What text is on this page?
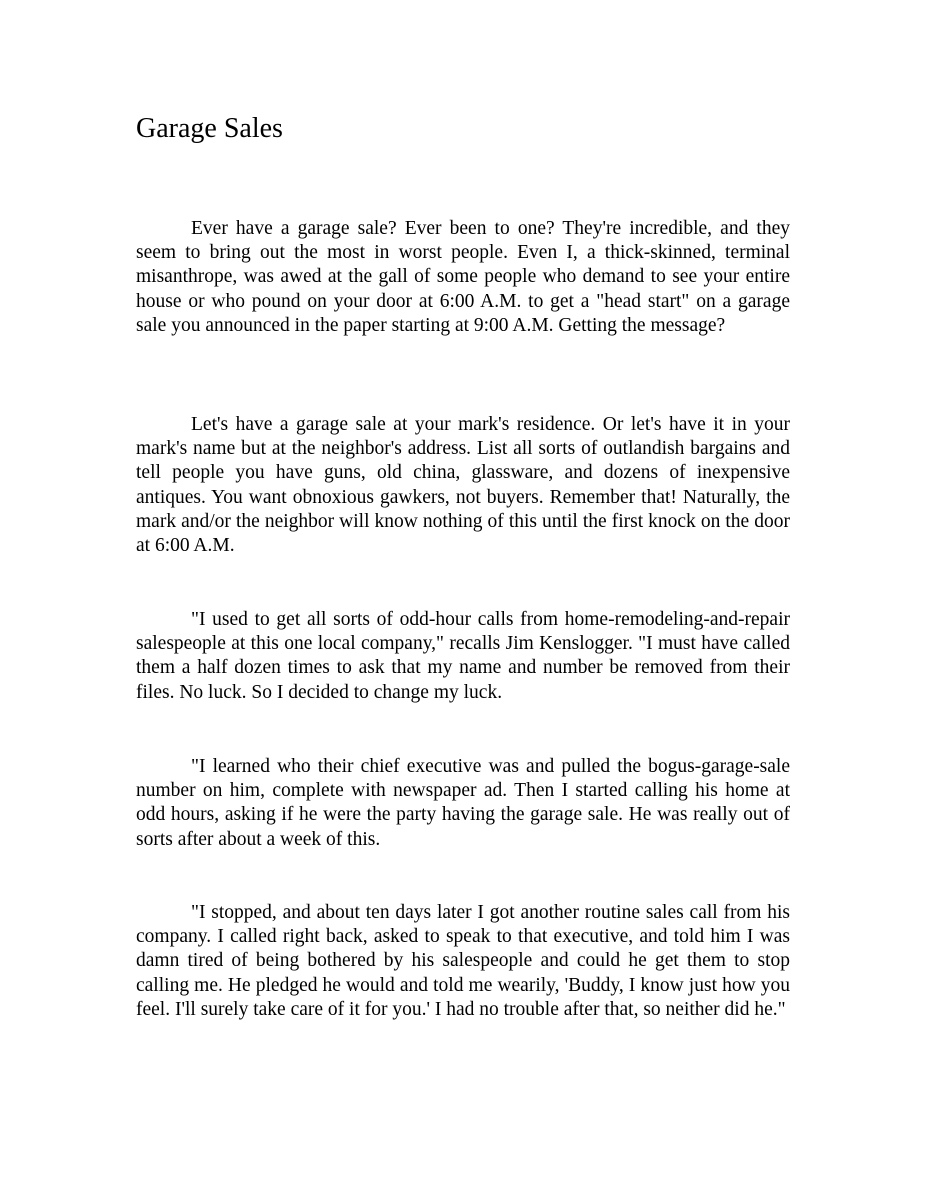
Garage Sales

Ever have a garage sale? Ever been to one? They're incredible, and they seem to bring out the most in worst people. Even I, a thick-skinned, terminal misanthrope, was awed at the gall of some people who demand to see your entire house or who pound on your door at 6:00 A.M. to get a "head start" on a garage sale you announced in the paper starting at 9:00 A.M. Getting the message?

Let's have a garage sale at your mark's residence. Or let's have it in your mark's name but at the neighbor's address. List all sorts of outlandish bargains and tell people you have guns, old china, glassware, and dozens of inexpensive antiques. You want obnoxious gawkers, not buyers. Remember that! Naturally, the mark and/or the neighbor will know nothing of this until the first knock on the door at 6:00 A.M.

"I used to get all sorts of odd-hour calls from home-remodeling-and-repair salespeople at this one local company," recalls Jim Kenslogger. "I must have called them a half dozen times to ask that my name and number be removed from their files. No luck. So I decided to change my luck.

"I learned who their chief executive was and pulled the bogus-garage-sale number on him, complete with newspaper ad. Then I started calling his home at odd hours, asking if he were the party having the garage sale. He was really out of sorts after about a week of this.

"I stopped, and about ten days later I got another routine sales call from his company. I called right back, asked to speak to that executive, and told him I was damn tired of being bothered by his salespeople and could he get them to stop calling me. He pledged he would and told me wearily, 'Buddy, I know just how you feel. I'll surely take care of it for you.' I had no trouble after that, so neither did he."
